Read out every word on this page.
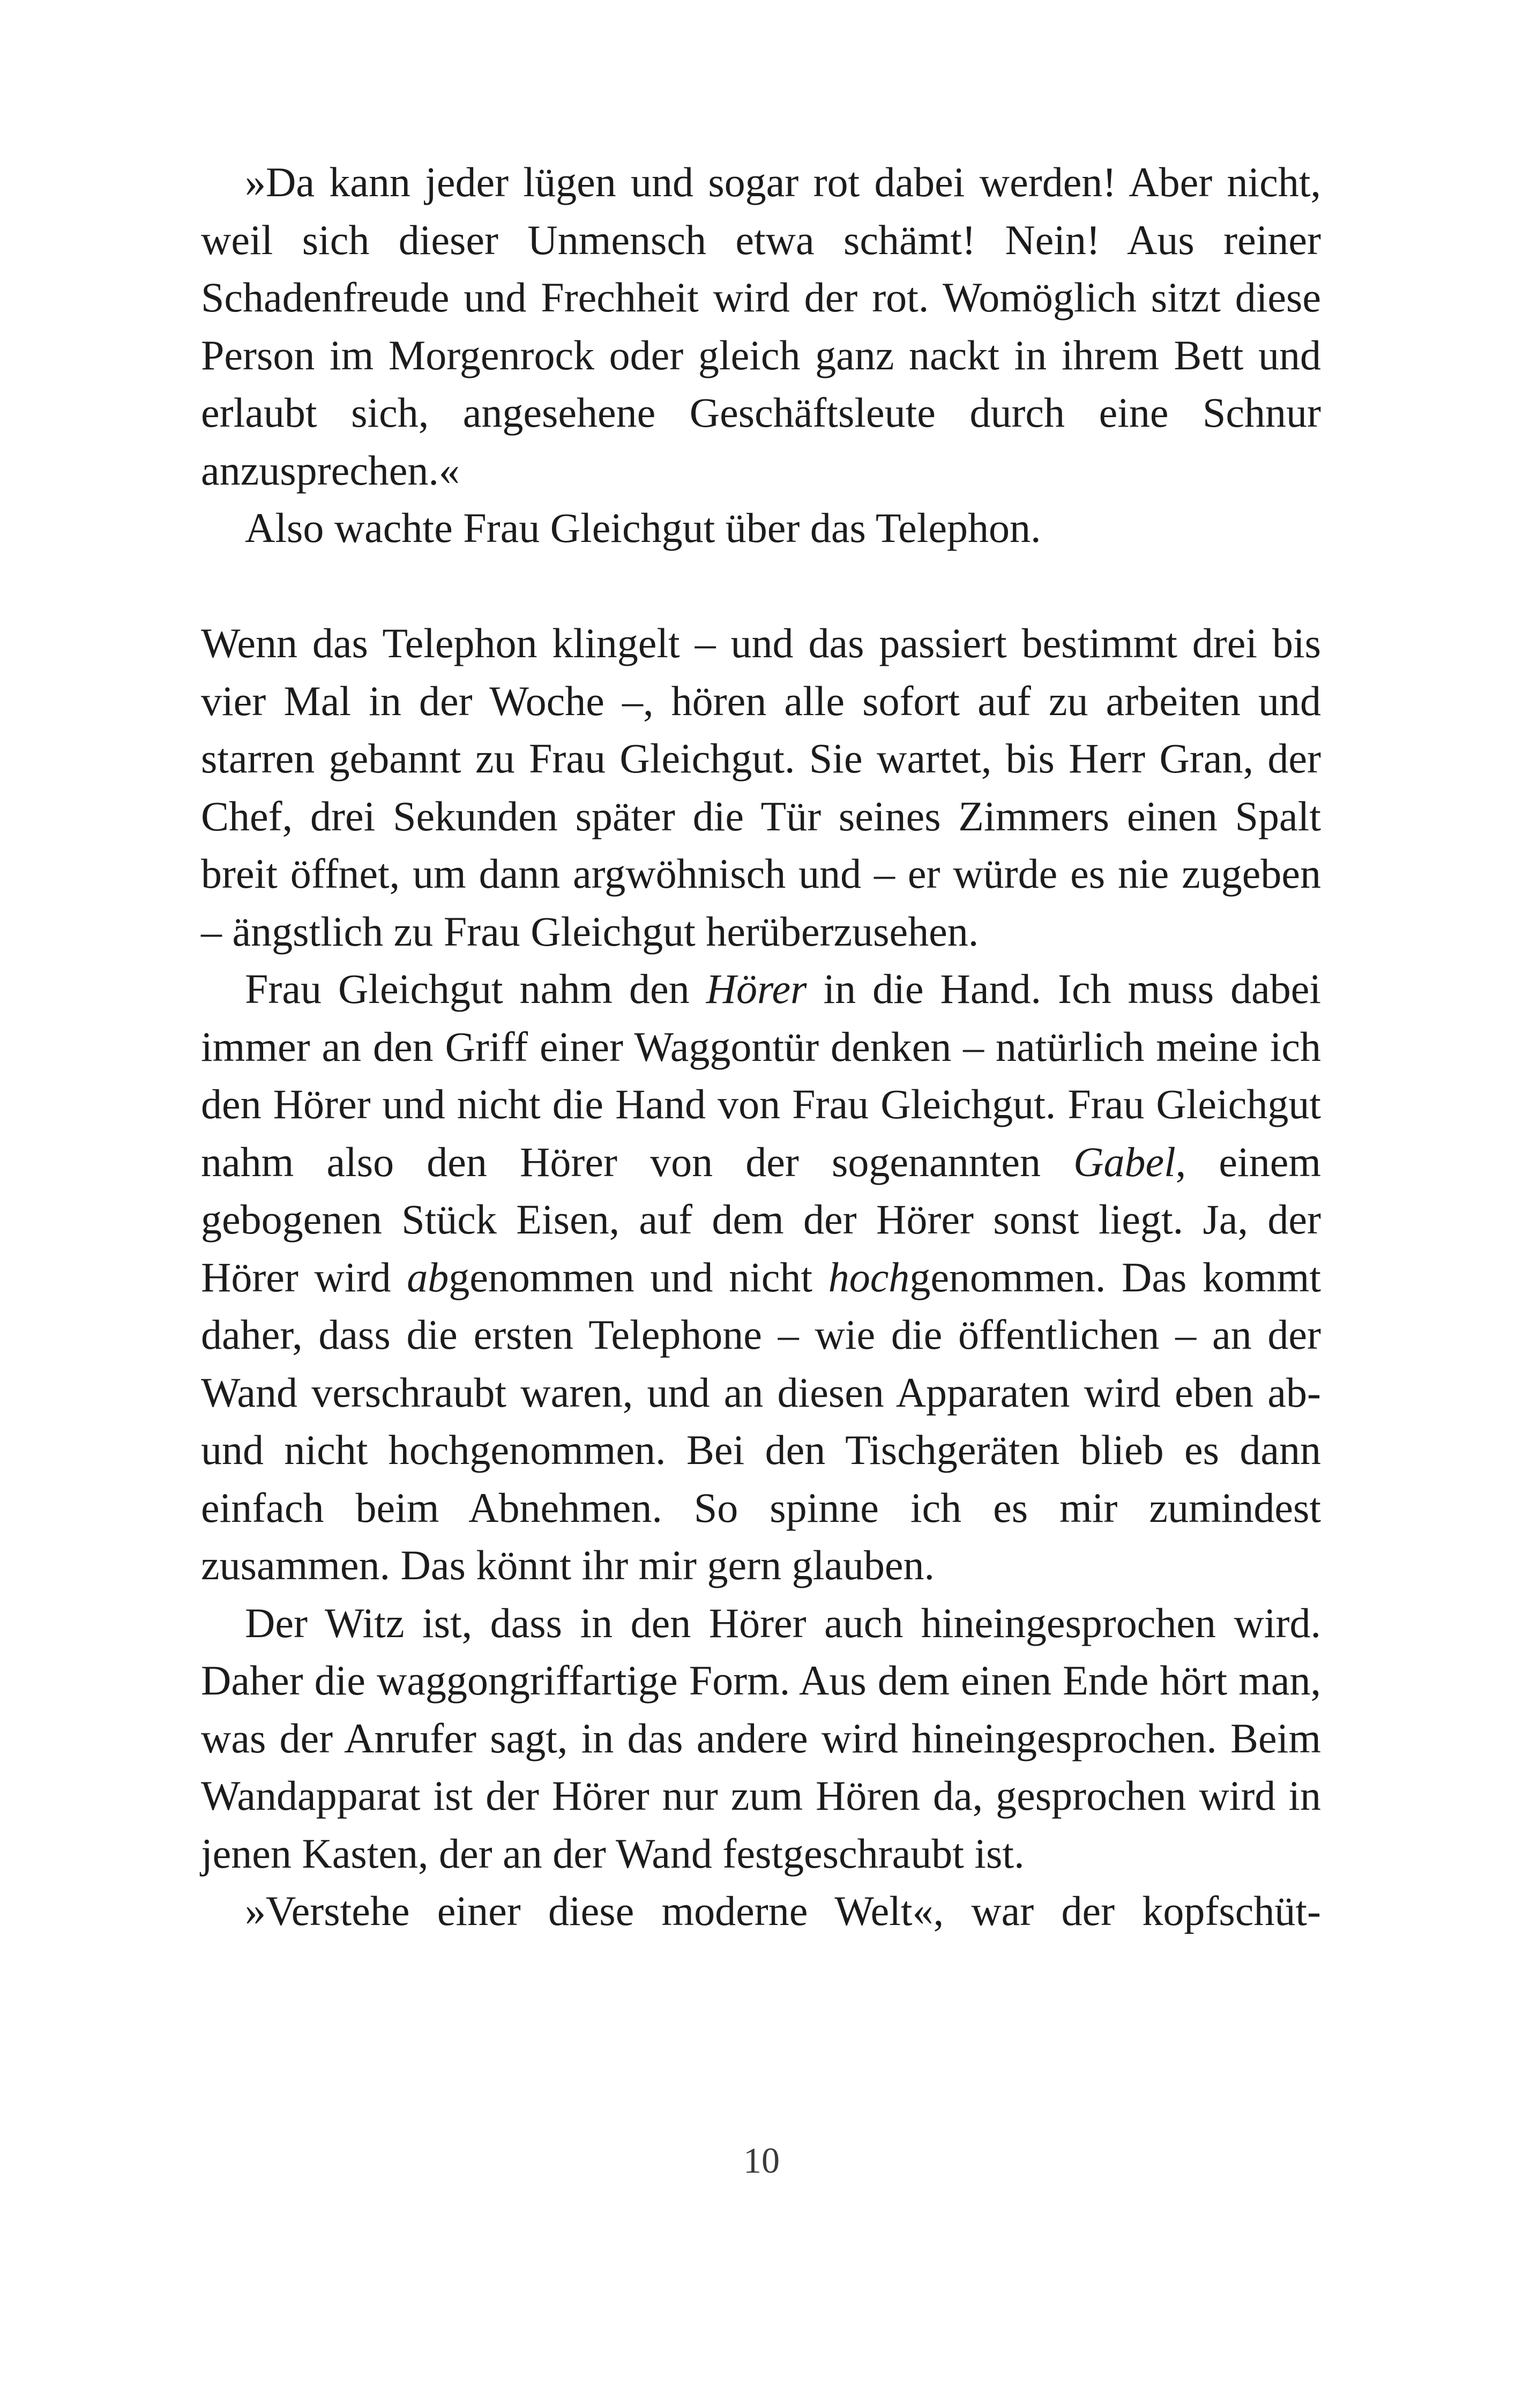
»Da kann jeder lügen und sogar rot dabei werden! Aber nicht, weil sich dieser Unmensch etwa schämt! Nein! Aus reiner Schadenfreude und Frechheit wird der rot. Womöglich sitzt diese Person im Morgenrock oder gleich ganz nackt in ihrem Bett und erlaubt sich, angesehene Geschäftsleute durch eine Schnur anzusprechen.«

Also wachte Frau Gleichgut über das Telephon.

Wenn das Telephon klingelt – und das passiert bestimmt drei bis vier Mal in der Woche –, hören alle sofort auf zu arbeiten und starren gebannt zu Frau Gleichgut. Sie wartet, bis Herr Gran, der Chef, drei Sekunden später die Tür seines Zimmers einen Spalt breit öffnet, um dann argwöhnisch und – er würde es nie zugeben – ängstlich zu Frau Gleichgut herüberzusehen.

Frau Gleichgut nahm den Hörer in die Hand. Ich muss dabei immer an den Griff einer Waggontür denken – natürlich meine ich den Hörer und nicht die Hand von Frau Gleichgut. Frau Gleichgut nahm also den Hörer von der sogenannten Gabel, einem gebogenen Stück Eisen, auf dem der Hörer sonst liegt. Ja, der Hörer wird abgenommen und nicht hochgenommen. Das kommt daher, dass die ersten Telephone – wie die öffentlichen – an der Wand verschraubt waren, und an diesen Apparaten wird eben ab- und nicht hochgenommen. Bei den Tischgeräten blieb es dann einfach beim Abnehmen. So spinne ich es mir zumindest zusammen. Das könnt ihr mir gern glauben.

Der Witz ist, dass in den Hörer auch hineingesprochen wird. Daher die waggongriffartige Form. Aus dem einen Ende hört man, was der Anrufer sagt, in das andere wird hineingesprochen. Beim Wandapparat ist der Hörer nur zum Hören da, gesprochen wird in jenen Kasten, der an der Wand festgeschraubt ist.

»Verstehe einer diese moderne Welt«, war der kopfschüt-

10
